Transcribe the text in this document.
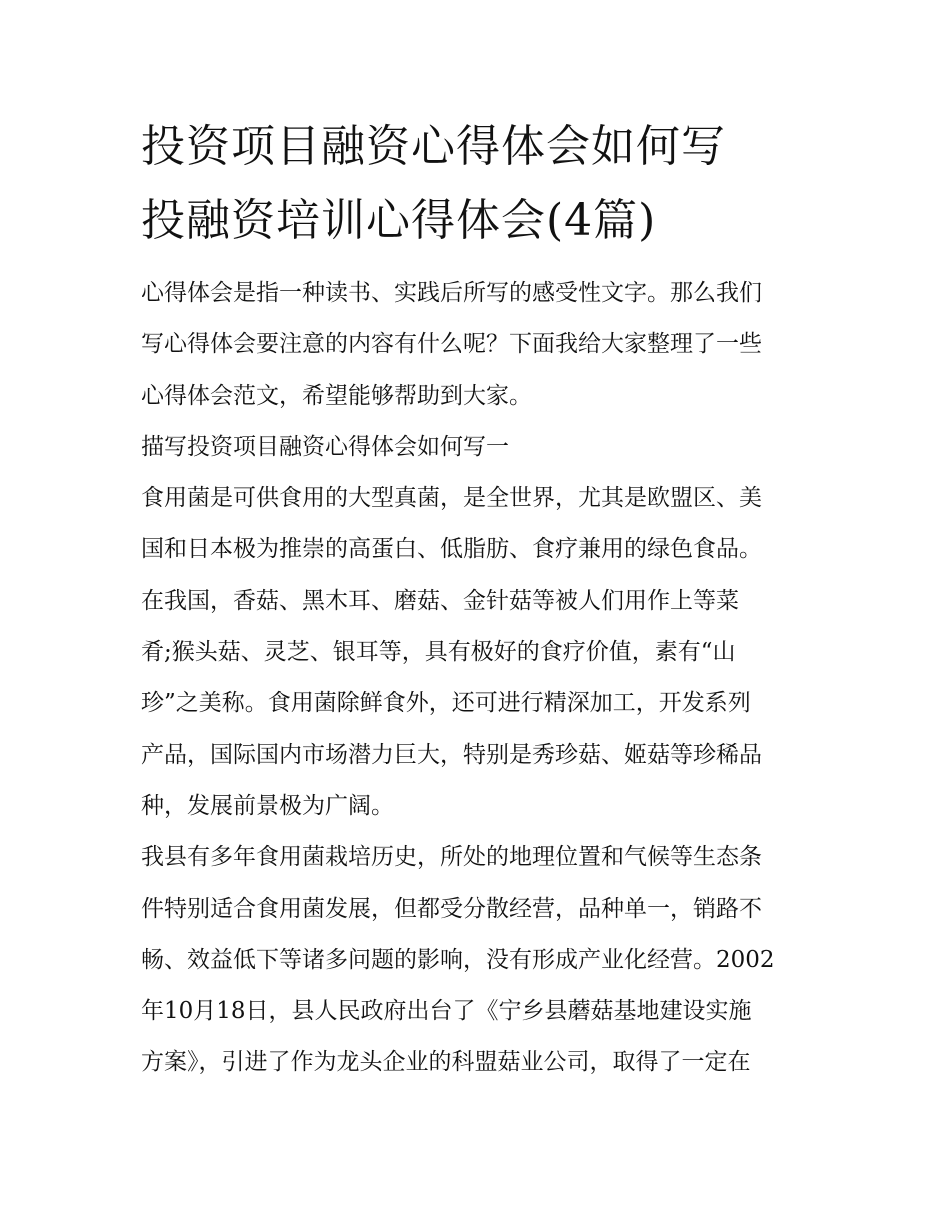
投资项目融资心得体会如何写
投融资培训心得体会(4篇)
心得体会是指一种读书、实践后所写的感受性文字。那么我们
写心得体会要注意的内容有什么呢？下面我给大家整理了一些
心得体会范文，希望能够帮助到大家。
描写投资项目融资心得体会如何写一
食用菌是可供食用的大型真菌，是全世界，尤其是欧盟区、美
国和日本极为推崇的高蛋白、低脂肪、食疗兼用的绿色食品。
在我国，香菇、黑木耳、磨菇、金针菇等被人们用作上等菜
肴;猴头菇、灵芝、银耳等，具有极好的食疗价值，素有“山
珍”之美称。食用菌除鲜食外，还可进行精深加工，开发系列
产品，国际国内市场潜力巨大，特别是秀珍菇、姬菇等珍稀品
种，发展前景极为广阔。
我县有多年食用菌栽培历史，所处的地理位置和气候等生态条
件特别适合食用菌发展，但都受分散经营，品种单一，销路不
畅、效益低下等诸多问题的影响，没有形成产业化经营。2002
年10月18日，县人民政府出台了《宁乡县蘑菇基地建设实施
方案》，引进了作为龙头企业的科盟菇业公司，取得了一定在
